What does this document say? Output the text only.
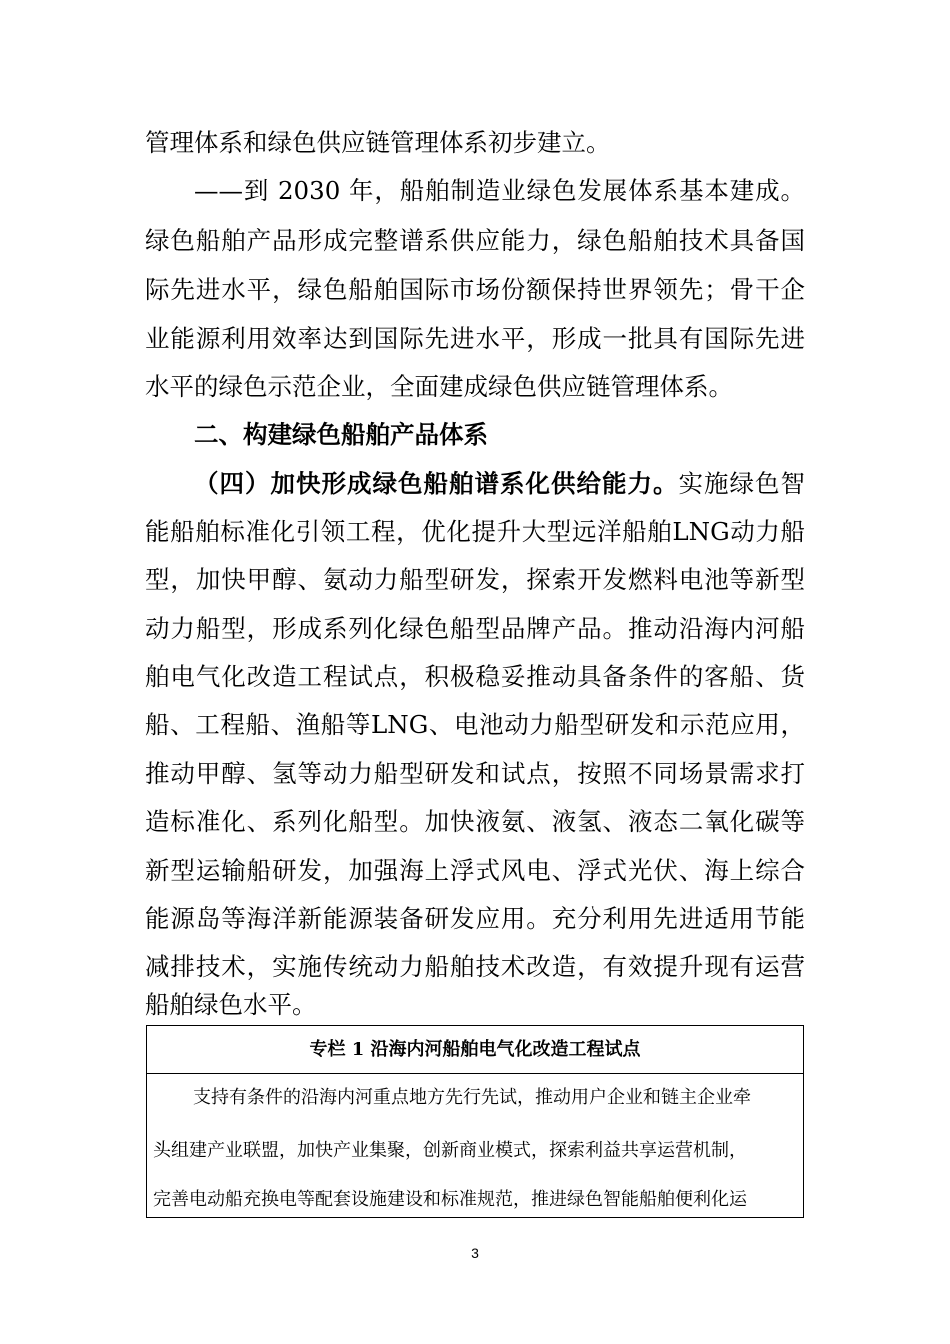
管理体系和绿色供应链管理体系初步建立。
——到 2030 年，船舶制造业绿色发展体系基本建成。
绿色船舶产品形成完整谱系供应能力，绿色船舶技术具备国
际先进水平，绿色船舶国际市场份额保持世界领先；骨干企
业能源利用效率达到国际先进水平，形成一批具有国际先进
水平的绿色示范企业，全面建成绿色供应链管理体系。
二、构建绿色船舶产品体系
（四）加快形成绿色船舶谱系化供给能力。实施绿色智
能船舶标准化引领工程，优化提升大型远洋船舶LNG动力船
型，加快甲醇、氨动力船型研发，探索开发燃料电池等新型
动力船型，形成系列化绿色船型品牌产品。推动沿海内河船
舶电气化改造工程试点，积极稳妥推动具备条件的客船、货
船、工程船、渔船等LNG、电池动力船型研发和示范应用，
推动甲醇、氢等动力船型研发和试点，按照不同场景需求打
造标准化、系列化船型。加快液氨、液氢、液态二氧化碳等
新型运输船研发，加强海上浮式风电、浮式光伏、海上综合
能源岛等海洋新能源装备研发应用。充分利用先进适用节能
减排技术，实施传统动力船舶技术改造，有效提升现有运营
船舶绿色水平。
专栏 1 沿海内河船舶电气化改造工程试点
支持有条件的沿海内河重点地方先行先试，推动用户企业和链主企业牵
头组建产业联盟，加快产业集聚，创新商业模式，探索利益共享运营机制，
完善电动船充换电等配套设施建设和标准规范，推进绿色智能船舶便利化运
3
